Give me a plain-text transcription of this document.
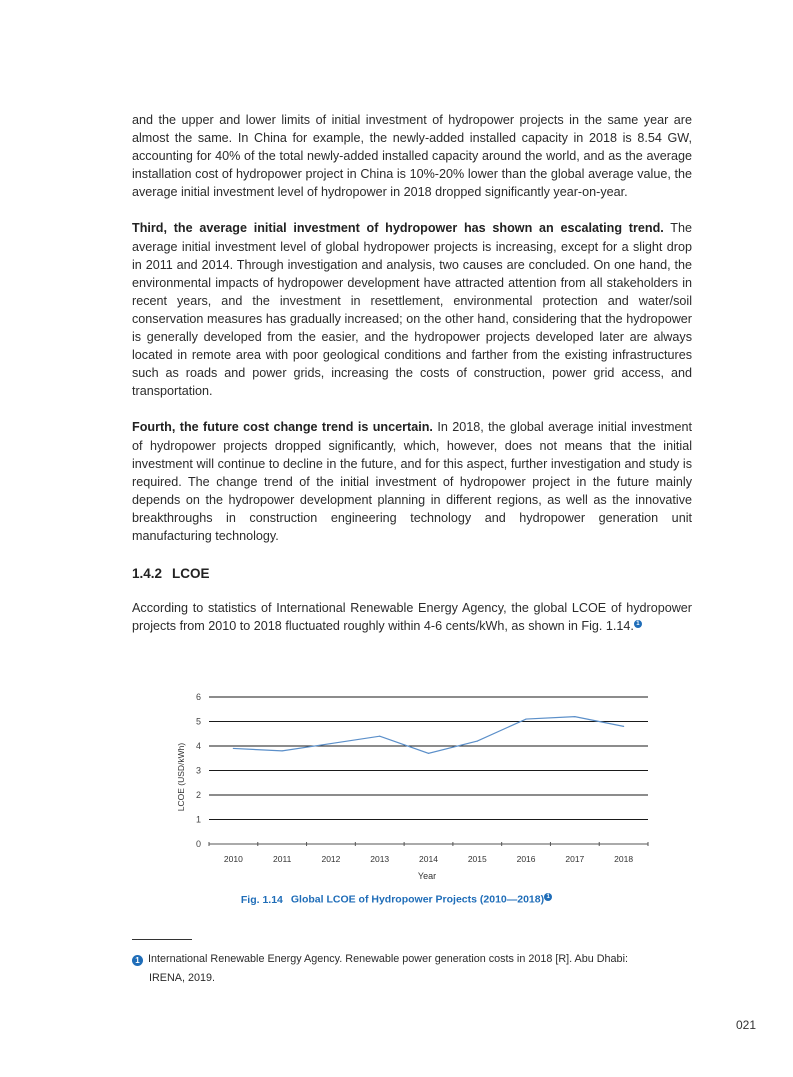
and the upper and lower limits of initial investment of hydropower projects in the same year are almost the same. In China for example, the newly-added installed capacity in 2018 is 8.54 GW, accounting for 40% of the total newly-added installed capacity around the world, and as the average installation cost of hydropower project in China is 10%-20% lower than the global average value, the average initial investment level of hydropower in 2018 dropped significantly year-on-year.

Third, the average initial investment of hydropower has shown an escalating trend. The average initial investment level of global hydropower projects is increasing, except for a slight drop in 2011 and 2014. Through investigation and analysis, two causes are concluded. On one hand, the environmental impacts of hydropower development have attracted attention from all stakeholders in recent years, and the investment in resettlement, environmental protection and water/soil conservation measures has gradually increased; on the other hand, considering that the hydropower is generally developed from the easier, and the hydropower projects developed later are always located in remote area with poor geological conditions and farther from the existing infrastructures such as roads and power grids, increasing the costs of construction, power grid access, and transportation.

Fourth, the future cost change trend is uncertain. In 2018, the global average initial investment of hydropower projects dropped significantly, which, however, does not means that the initial investment will continue to decline in the future, and for this aspect, further investigation and study is required. The change trend of the initial investment of hydropower project in the future mainly depends on the hydropower development planning in different regions, as well as the innovative breakthroughs in construction engineering technology and hydropower generation unit manufacturing technology.

1.4.2 LCOE

According to statistics of International Renewable Energy Agency, the global LCOE of hydropower projects from 2010 to 2018 fluctuated roughly within 4-6 cents/kWh, as shown in Fig. 1.14. $^1$

0
1
2
3
4
5
6
2010	2011	2012	2013	2014	2015	2016	2017	2018
Year
LCOE (USD/kWh)
Fig. 1.14 Global LCOE of Hydropower Projects (2010—2018) $^1$
1 International Renewable Energy Agency. Renewable power generation costs in 2018 [R]. Abu Dhabi:
IRENA, 2019.
021
